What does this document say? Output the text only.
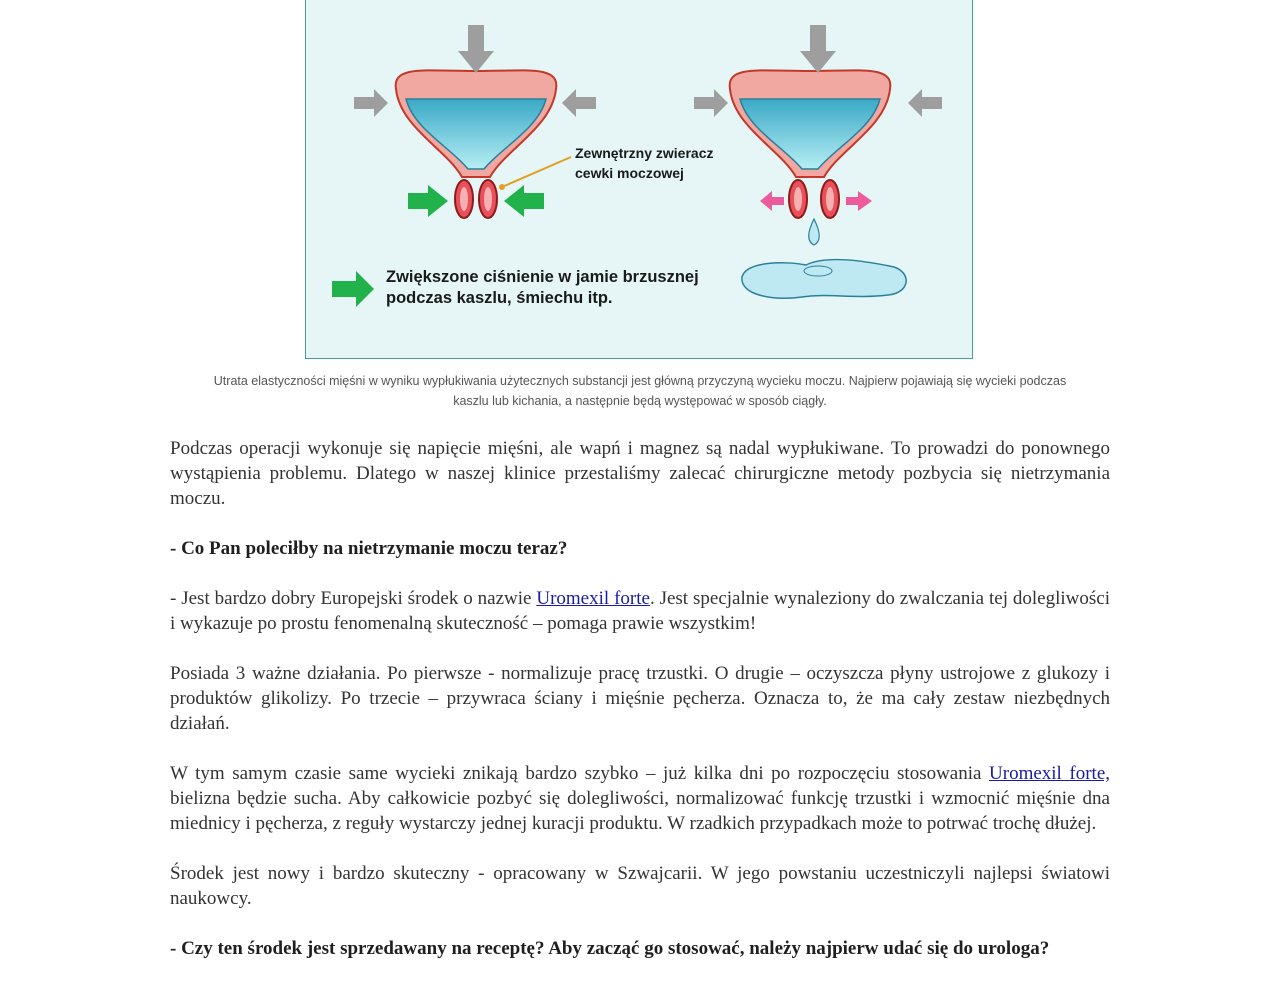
Zewnętrzny zwieracz
cewki moczowej
Zwiększone ciśnienie w jamie brzusznej
podczas kaszlu, śmiechu itp.
Utrata elastyczności mięśni w wyniku wypłukiwania użytecznych substancji jest główną przyczyną wycieku moczu. Najpierw pojawiają się wycieki podczas kaszlu lub kichania, a następnie będą występować w sposób ciągły.

Podczas operacji wykonuje się napięcie mięśni, ale wapń i magnez są nadal wypłukiwane. To prowadzi do ponownego wystąpienia problemu. Dlatego w naszej klinice przestaliśmy zalecać chirurgiczne metody pozbycia się nietrzymania moczu.

- Co Pan poleciłby na nietrzymanie moczu teraz?

- Jest bardzo dobry Europejski środek o nazwie Uromexil forte. Jest specjalnie wynaleziony do zwalczania tej dolegliwości i wykazuje po prostu fenomenalną skuteczność – pomaga prawie wszystkim!

Posiada 3 ważne działania. Po pierwsze - normalizuje pracę trzustki. O drugie – oczyszcza płyny ustrojowe z glukozy i produktów glikolizy. Po trzecie – przywraca ściany i mięśnie pęcherza. Oznacza to, że ma cały zestaw niezbędnych działań.

W tym samym czasie same wycieki znikają bardzo szybko – już kilka dni po rozpoczęciu stosowania Uromexil forte, bielizna będzie sucha. Aby całkowicie pozbyć się dolegliwości, normalizować funkcję trzustki i wzmocnić mięśnie dna miednicy i pęcherza, z reguły wystarczy jednej kuracji produktu. W rzadkich przypadkach może to potrwać trochę dłużej.

Środek jest nowy i bardzo skuteczny - opracowany w Szwajcarii. W jego powstaniu uczestniczyli najlepsi światowi naukowcy.

- Czy ten środek jest sprzedawany na receptę? Aby zacząć go stosować, należy najpierw udać się do urologa?
